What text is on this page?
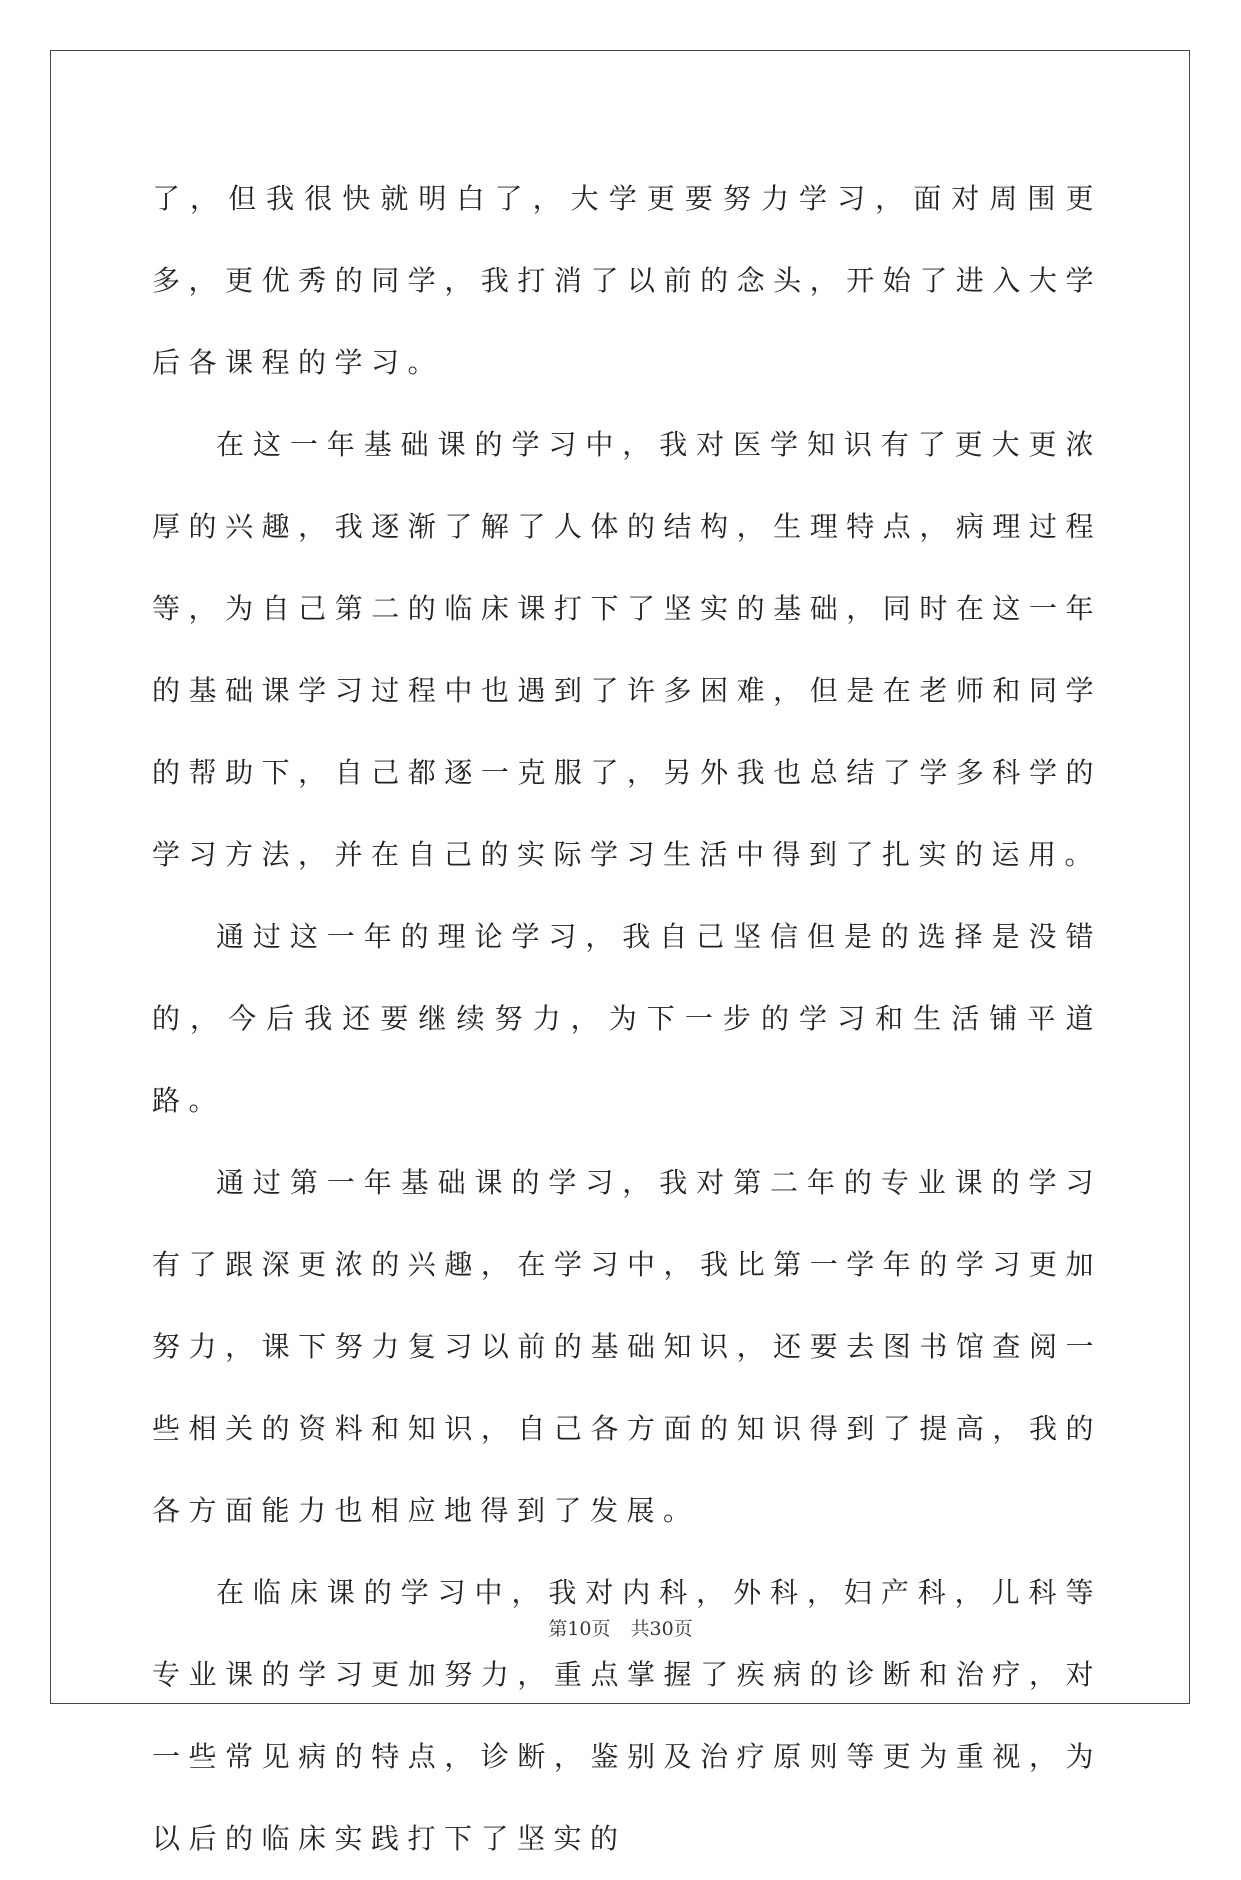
了，但我很快就明白了，大学更要努力学习，面对周围更多，更优秀的同学，我打消了以前的念头，开始了进入大学后各课程的学习。

在这一年基础课的学习中，我对医学知识有了更大更浓厚的兴趣，我逐渐了解了人体的结构，生理特点，病理过程等，为自己第二的临床课打下了坚实的基础，同时在这一年的基础课学习过程中也遇到了许多困难，但是在老师和同学的帮助下，自己都逐一克服了，另外我也总结了学多科学的学习方法，并在自己的实际学习生活中得到了扎实的运用。

通过这一年的理论学习，我自己坚信但是的选择是没错的，今后我还要继续努力，为下一步的学习和生活铺平道路。

通过第一年基础课的学习，我对第二年的专业课的学习有了跟深更浓的兴趣，在学习中，我比第一学年的学习更加努力，课下努力复习以前的基础知识，还要去图书馆查阅一些相关的资料和知识，自己各方面的知识得到了提高，我的各方面能力也相应地得到了发展。

在临床课的学习中，我对内科，外科，妇产科，儿科等专业课的学习更加努力，重点掌握了疾病的诊断和治疗，对一些常见病的特点，诊断，鉴别及治疗原则等更为重视，为以后的临床实践打下了坚实的

第10页 共30页
